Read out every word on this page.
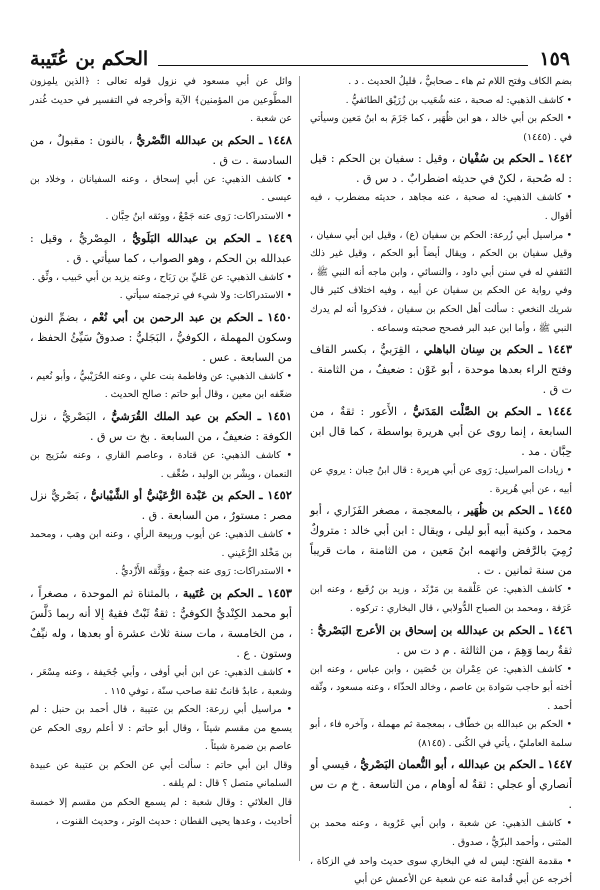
١٥٩
الحكم بن عُتَيبة
بضم الكاف وفتح اللام ثم هاء ـ صحابيٌّ ، قليلُ الحديث . د .
• كاشف الذهبي: له صحبة ، عنه شُعَيب بن زُرَيْق الطائفيُّ .
• الحكم بن أبي خالد ، هو ابن ظُهَير ، كما جَزَمَ به ابنُ مَعين وسيأتي في . (١٤٤٥)
١٤٤٢ ـ الحكم بن سُفْيان ، وقيل : سفيان بن الحكم : قيل : له صُحبة ، لكنْ في حديثه اضطرابٌ . د س ق .
• كاشف الذهبي: له صحبة ، عنه مجاهد ، حديثه مضطرب ، فيه أقوال .
• مراسيل أبي زُرعة: الحكم بن سفيان (ع) ، وقيل ابن أبي سفيان ، وقيل سفيان بن الحكم ، ويقال أيضاً أبو الحكم ، وقيل غير ذلك الثقفي له في سنن أبي داود ، والنسائي ، وابن ماجه أنه النبي ﷺ ، وفي رواية عن الحكم بن سفيان عن أبيه ، وفيه اختلاف كثير قال شريك النخعي : سألت أهل الحكم بن سفيان ، فذكروا أنه لم يدرك النبي ﷺ ، وأما ابن عبد البر فصحح صحبته وسماعه .
١٤٤٣ ـ الحكم بن سِنان الباهلي ، القِرَبيُّ ، بكسر القاف وفتح الراء بعدها موحدة ، أبو عَوْن : ضعيفٌ ، من الثامنة . ت ق .
١٤٤٤ ـ الحكم بن الصَّلْت المَدَنيُّ ، الأَعور : ثقةٌ ، من السابعة ، إنما روى عن أبي هريرة بواسطة ، كما قال ابن حِبَّان . مد .
• زيادات المراسيل: رَوى عن أبي هريرة : قال ابنُ حِبان : يروي عن أبيه ، عن أبي هُريرة .
١٤٤٥ ـ الحكم بن ظُهَير ، بالمعجمة ، مصغر الفَزَاري ، أبو محمد ، وكنية أبيه أبو ليلى ، ويقال : ابن أبي خالد : متروكٌ رُمِيَ بالرَّفض واتهمه ابنُ مَعين ، من الثامنة ، مات قريباً من سنة ثمانين . ت .
• كاشف الذهبي: عن عَلْقمة بن مَرْثَد ، وزيد بن رُفَيع ، وعنه ابن عَرَفة ، ومحمد بن الصباح الدُّولابي ، قال البخاري : تركوه .
١٤٤٦ ـ الحكم بن عبدالله بن إسحاق بن الأعرج البَصْريُّ : ثقةٌ ربما وَهِمَ ، من الثالثة . م د ت س .
• كاشف الذهبي: عن عِمْران بن حُصَين ، وابن عباس ، وعنه ابن أخته أبو حاجب سَوادة بن عاصم ، وخالد الحذّاء ، وعنه مسعود ، وثّقه أحمد .
• الحكم بن عبدالله بن خطّاف ، بمعجمة ثم مهملة ، وآخره فاء ، أبو سلمة العامليّ ، يأتي في الكُنى . (٨١٤٥)
١٤٤٧ ـ الحكم بن عبدالله ، أبو النُّعمان البَصْريُّ ، قيسي أو أنصاري أو عجلي : ثقةٌ له أوهام ، من التاسعة . خ م ت س .
• كاشف الذهبي: عن شعبة ، وابن أبي عَرُوبة ، وعنه محمد بن المثنى ، وأحمد البزّيُّ ، صدوق .
• مقدمة الفتح: ليس له في البخاري سوى حديث واحد في الزكاة ، أخرجه عن أبي قُدامة عنه عن شعبة عن الأعمش عن أبي
وائل عن أبي مسعود في نزول قوله تعالى : ﴿الذين يلمِزون المطَّوعين من المؤمنين﴾ الآية وأخرجه في التفسير في حديث غُندر عن شعبة .
١٤٤٨ ـ الحكم بن عبدالله النَّصْريُّ ، بالنون : مقبولٌ ، من السادسة . ت ق .
• كاشف الذهبي: عن أبي إسحاق ، وعنه السفيانان ، وخلاد بن عيسى .
• الاستدراكات: رَوى عنه جَمْعٌ ، ووثقه ابنُ حِبَّان .
١٤٤٩ ـ الحكم بن عبدالله البَلَويُّ ، المِصْريُّ ، وقيل : عبدالله بن الحكم ، وهو الصواب ، كما سيأتي . ق .
• كاشف الذهبي: عن عَليِّ بن رَبَاح ، وعنه يزيد بن أبي حَبيب ، وثِّق .
• الاستدراكات: ولا شيء في ترجمته سيأتي .
١٤٥٠ ـ الحكم بن عبد الرحمن بن أبي نُعْم ، بضمِّ النون وسكون المهملة ، الكوفيُّ ، البَجَليُّ : صدوقٌ سَيِّئُ الحفظ ، من السابعة . عس .
• كاشف الذهبي: عن وفاطمة بنت علي ، وعنه الحُرَيْبيُّ ، وأبو نُعيم ، ضعّفه ابن معين ، وقال أبو حاتم : صالح الحديث .
١٤٥١ ـ الحكم بن عبد الملك القُرَشيُّ ، البَصْريُّ ، نزل الكوفة : ضعيفٌ ، من السابعة . بخ ت س ق .
• كاشف الذهبي: عن قتادة ، وعاصم القاري ، وعنه سُرَيج بن النعمان ، وبِشْر بن الوليد ، ضُعِّف .
١٤٥٢ ـ الحكم بن عَبْدة الرُّعَيْنيُّ أو الشَّيْبانيُّ ، بَصْريٌّ نزل مصر : مستورٌ ، من السابعة . ق .
• كاشف الذهبي: عن أيوب وربيعة الرأي ، وعنه ابن وهب ، ومحمد بن مَخْلد الرُّعَيني .
• الاستدراكات: رَوى عنه جمعٌ ، ووَثَّقه الأَزْديُّ .
١٤٥٣ ـ الحكم بن عُتَيبة ، بالمثناة ثم الموحدة ، مصغراً ، أبو محمد الكِنْديُّ الكوفيُّ : ثقةٌ ثَبْتٌ فقيهٌ إلا أنه ربما دَلَّسَ ، من الخامسة ، مات سنة ثلاث عشرة أو بعدها ، وله نيِّفٌ وستون . ع .
• كاشف الذهبي: عن ابن أبي أوفى ، وأبي جُحَيفة ، وعنه مِسْعَر ، وشعبة ، عابدٌ قانتٌ ثقة صاحب سنّة ، توفي ١١٥ .
• مراسيل أبي زرعة: الحكم بن عتيبة ، قال أحمد بن حنبل : لم يسمع من مقسم شيئاً ، وقال أبو حاتم : لا أعلم روى الحكم عن عاصم بن ضمرة شيئاً .
وقال ابن أبي حاتم : سألت أبي عن الحكم بن عتيبة عن عبيدة السلماني متصل ؟ قال : لم يلقه .
قال العلائي : وقال شعبة : لم يسمع الحكم من مقسم إلا خمسة أحاديث ، وعدها يحيى القطان : حديث الوتر ، وحديث القنوت ،
